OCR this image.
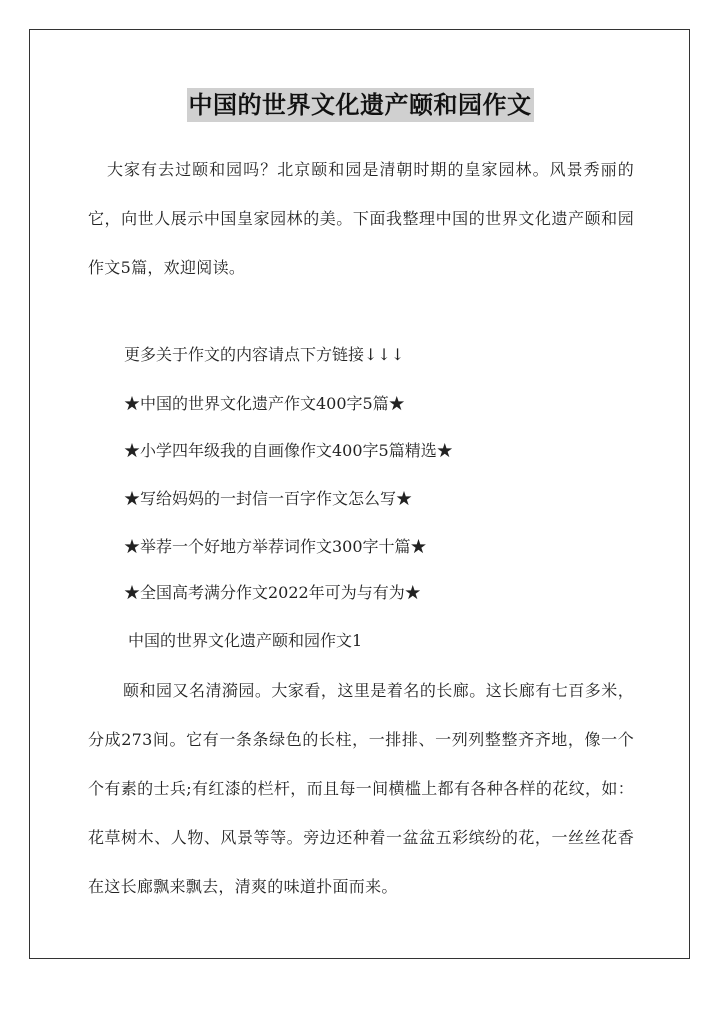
中国的世界文化遗产颐和园作文

大家有去过颐和园吗？北京颐和园是清朝时期的皇家园林。风景秀丽的它，向世人展示中国皇家园林的美。下面我整理中国的世界文化遗产颐和园作文5篇，欢迎阅读。

更多关于作文的内容请点下方链接↓↓↓

★中国的世界文化遗产作文400字5篇★

★小学四年级我的自画像作文400字5篇精选★

★写给妈妈的一封信一百字作文怎么写★

★举荐一个好地方举荐词作文300字十篇★

★全国高考满分作文2022年可为与有为★

中国的世界文化遗产颐和园作文1

颐和园又名清漪园。大家看，这里是着名的长廊。这长廊有七百多米，分成273间。它有一条条绿色的长柱，一排排、一列列整整齐齐地，像一个个有素的士兵;有红漆的栏杆，而且每一间横槛上都有各种各样的花纹，如：花草树木、人物、风景等等。旁边还种着一盆盆五彩缤纷的花，一丝丝花香在这长廊飘来飘去，清爽的味道扑面而来。
